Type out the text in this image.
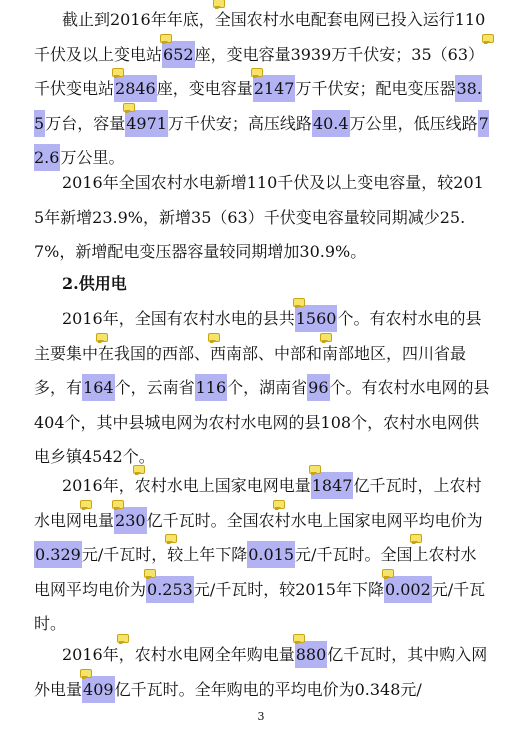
截止到2016年年底，全国农村水电配套电网已投入运行110千伏及以上变电站652座，变电容量3939万千伏安；35（63）千伏变电站2846座，变电容量2147万千伏安；配电变压器38.5万台，容量4971万千伏安；高压线路40.4万公里，低压线路72.6万公里。

2016年全国农村水电新增110千伏及以上变电容量，较2015年新增23.9%，新增35（63）千伏变电容量较同期减少25.7%，新增配电变压器容量较同期增加30.9%。

2.供用电

2016年，全国有农村水电的县共1560个。有农村水电的县主要集中在我国的西部、西南部、中部和南部地区，四川省最多，有164个，云南省116个，湖南省96个。有农村水电网的县404个，其中县城电网为农村水电网的县108个，农村水电网供电乡镇4542个。

2016年，农村水电上国家电网电量1847亿千瓦时，上农村水电网电量230亿千瓦时。全国农村水电上国家电网平均电价为0.329元/千瓦时，较上年下降0.015元/千瓦时。全国上农村水电网平均电价为0.253元/千瓦时，较2015年下降0.002元/千瓦时。

2016年，农村水电网全年购电量880亿千瓦时，其中购入网外电量409亿千瓦时。全年购电的平均电价为0.348元/

3
